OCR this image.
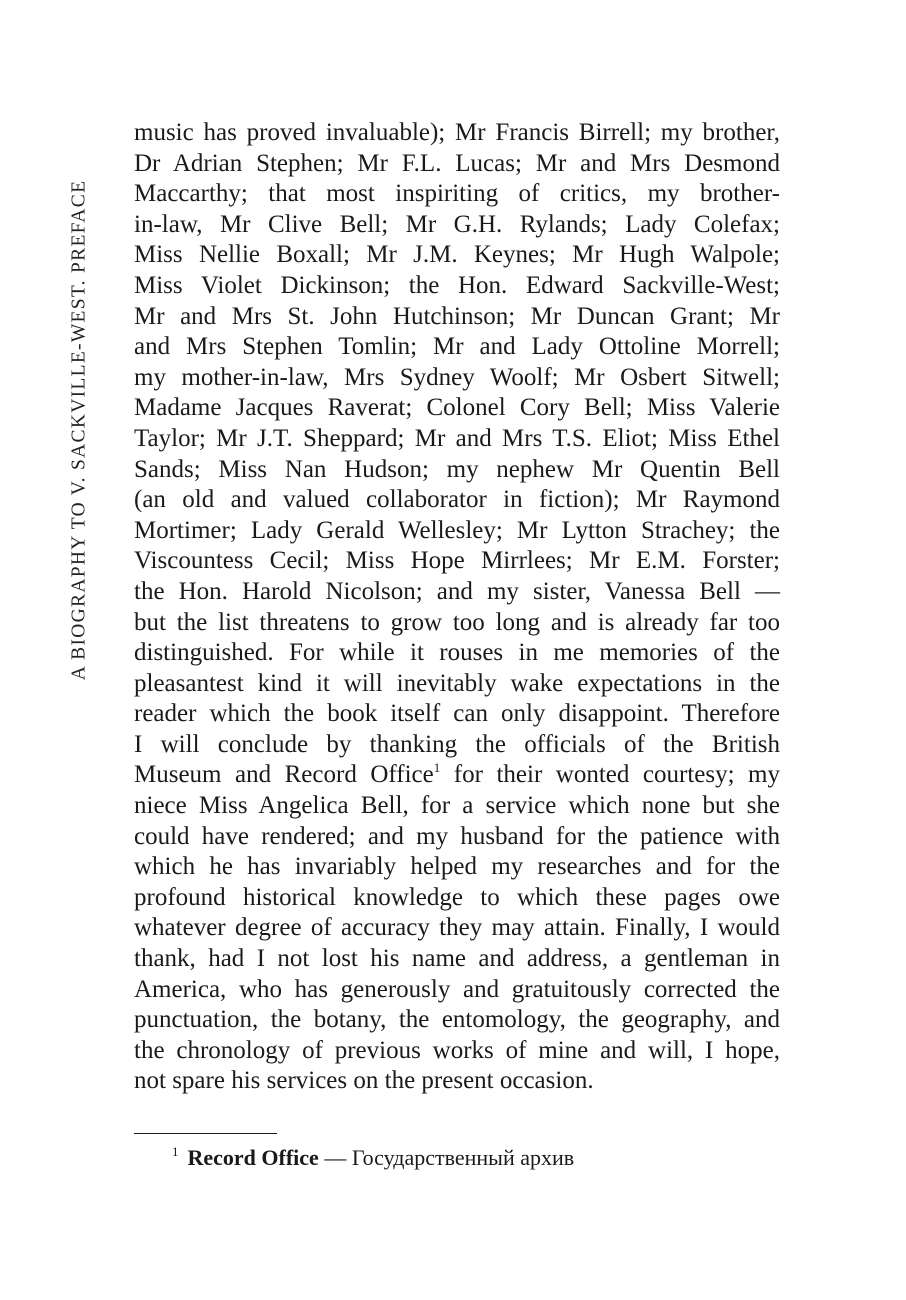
A BIOGRAPHY TO V. SACKVILLE-WEST. PREFACE
music has proved invaluable); Mr Francis Birrell; my brother,
Dr Adrian Stephen; Mr F.L. Lucas; Mr and Mrs Desmond
Maccarthy; that most inspiriting of critics, my brother-
in-law, Mr Clive Bell; Mr G.H. Rylands; Lady Colefax;
Miss Nellie Boxall; Mr J.M. Keynes; Mr Hugh Walpole;
Miss Violet Dickinson; the Hon. Edward Sackville-West;
Mr and Mrs St. John Hutchinson; Mr Duncan Grant; Mr
and Mrs Stephen Tomlin; Mr and Lady Ottoline Morrell;
my mother-in-law, Mrs Sydney Woolf; Mr Osbert Sitwell;
Madame Jacques Raverat; Colonel Cory Bell; Miss Valerie
Taylor; Mr J.T. Sheppard; Mr and Mrs T.S. Eliot; Miss Ethel
Sands; Miss Nan Hudson; my nephew Mr Quentin Bell
(an old and valued collaborator in fiction); Mr Raymond
Mortimer; Lady Gerald Wellesley; Mr Lytton Strachey; the
Viscountess Cecil; Miss Hope Mirrlees; Mr E.M. Forster;
the Hon. Harold Nicolson; and my sister, Vanessa Bell —
but the list threatens to grow too long and is already far too
distinguished. For while it rouses in me memories of the
pleasantest kind it will inevitably wake expectations in the
reader which the book itself can only disappoint. Therefore
I will conclude by thanking the officials of the British
Museum and Record Office$^1$ for their wonted courtesy; my
niece Miss Angelica Bell, for a service which none but she
could have rendered; and my husband for the patience with
which he has invariably helped my researches and for the
profound historical knowledge to which these pages owe
whatever degree of accuracy they may attain. Finally, I would
thank, had I not lost his name and address, a gentleman in
America, who has generously and gratuitously corrected the
punctuation, the botany, the entomology, the geography, and
the chronology of previous works of mine and will, I hope,
not spare his services on the present occasion.
$^1$ Record Office — Государственный архив
